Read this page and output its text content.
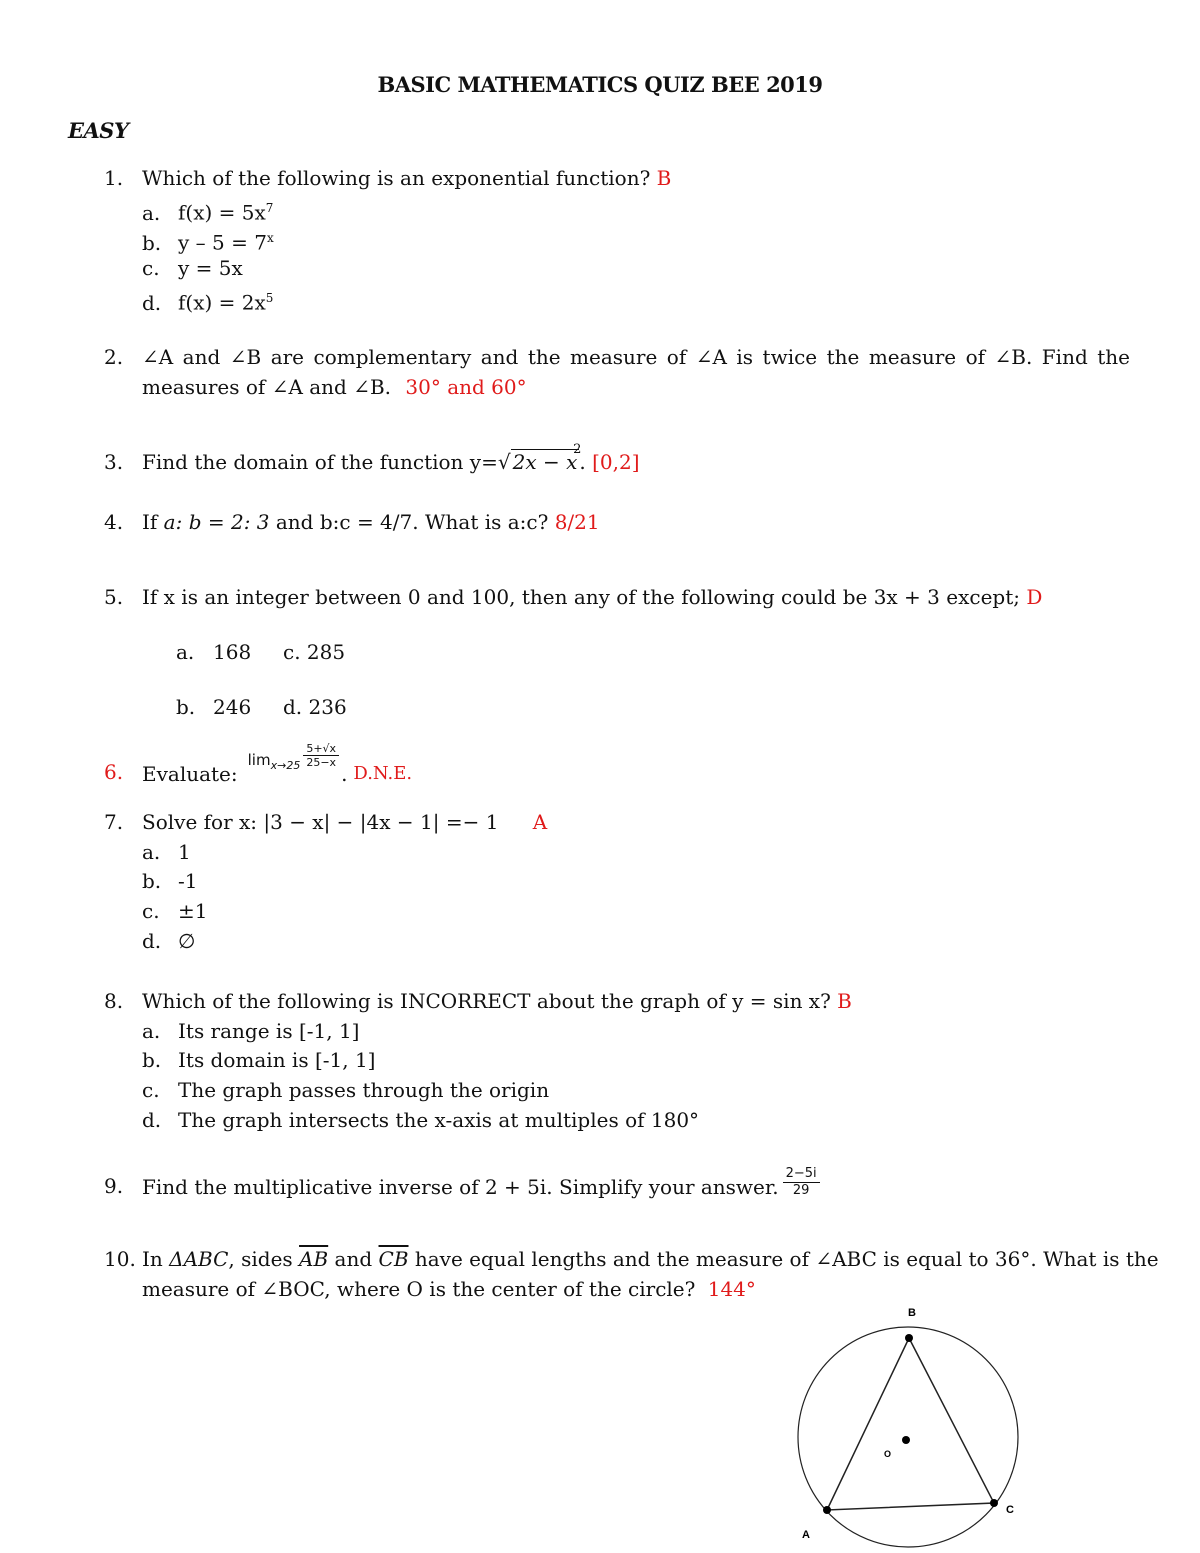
BASIC MATHEMATICS QUIZ BEE 2019
EASY
1. Which of the following is an exponential function? B
a. $f(x) = 5x^7$
b. $y - 5 = 7^x$
c. y = 5x
d. $f(x) = 2x^5$
2. ∠A and ∠B are complementary and the measure of ∠A is twice the measure of ∠B. Find the
measures of ∠A and ∠B. 30° and 60°
3. Find the domain of the function y=√ 2x − x
2
. [0,2]
4. If a: b = 2: 3 and b:c = 4/7. What is a:c? 8/21
5. If x is an integer between 0 and 100, then any of the following could be 3x + 3 except; D
a. 168 c. 285
b. 246 d. 236
6. Evaluate:
$\lim_{x\to 25} \frac{5+√x}{25-x}$
. D.N.E.
7. Solve for x: |3 − x| − |4x − 1| =− 1 A
a. 1
b. -1
c. ±1
d. ∅
8. Which of the following is INCORRECT about the graph of y = sin x? B
a. Its range is [-1, 1]
b. Its domain is [-1, 1]
c. The graph passes through the origin
d. The graph intersects the x-axis at multiples of 180°
9. Find the multiplicative inverse of 2 + 5i. Simplify your answer. $\frac{2-5i}{29}$
10. In ΔABC, sides $\overline{AB}$ and $\overline{CB}$ have equal lengths and the measure of ∠ABC is equal to 36°. What is the
measure of ∠BOC, where O is the center of the circle? 144°
B
O
A
C
